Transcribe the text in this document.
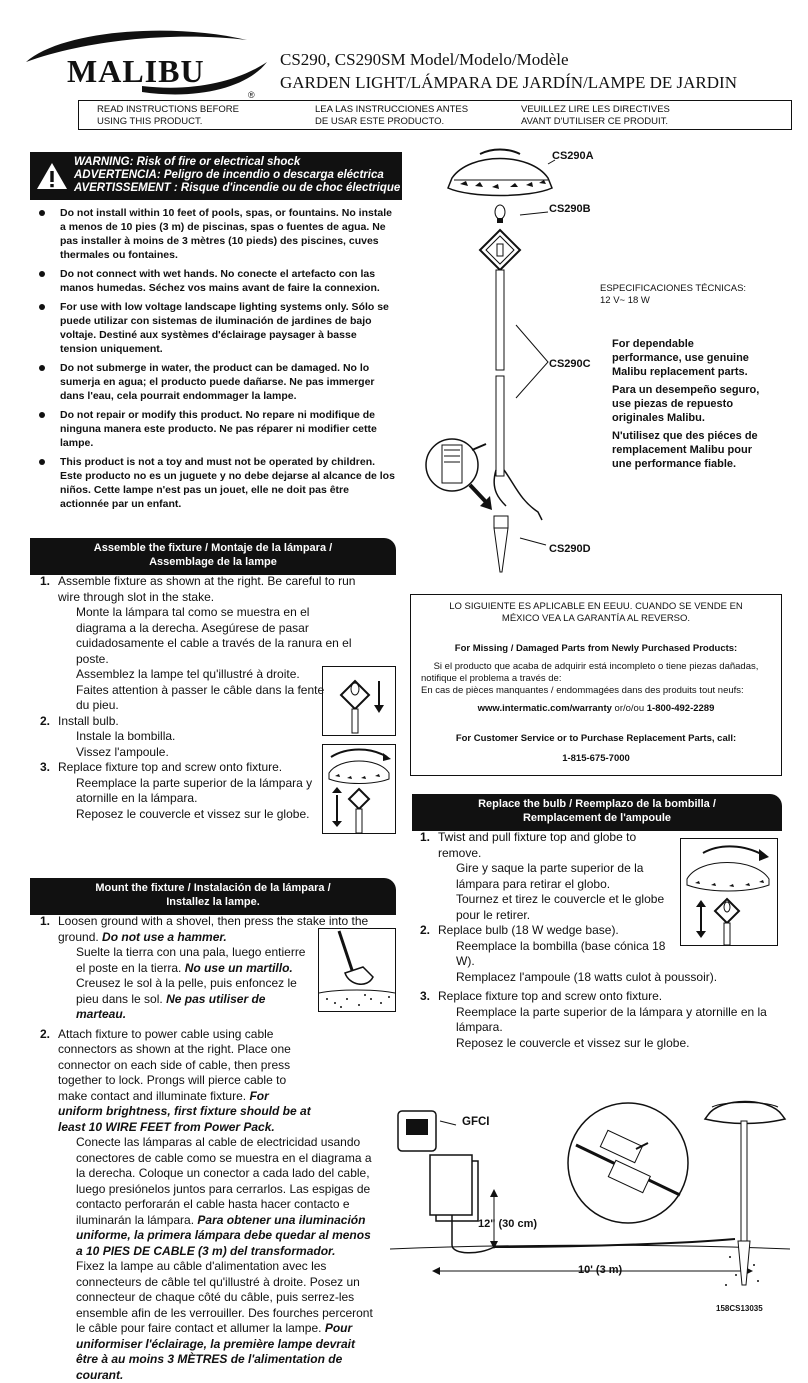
MALIBU
®
CS290, CS290SM Model/Modelo/Modèle
GARDEN LIGHT/LÁMPARA DE JARDÍN/LAMPE DE JARDIN
READ INSTRUCTIONS BEFORE
USING THIS PRODUCT.
LEA LAS INSTRUCCIONES ANTES
DE USAR ESTE PRODUCTO.
VEUILLEZ LIRE LES DIRECTIVES
AVANT D'UTILISER CE PRODUIT.
WARNING: Risk of fire or electrical shock
ADVERTENCIA: Peligro de incendio o descarga eléctrica
AVERTISSEMENT : Risque d'incendie ou de choc électrique
Do not install within 10 feet of pools, spas, or fountains. No instale a menos de 10 pies (3 m) de piscinas, spas o fuentes de agua. Ne pas installer à moins de 3 mètres (10 pieds) des piscines, cuves thermales ou fontaines.
Do not connect with wet hands. No conecte el artefacto con las manos humedas. Séchez vos mains avant de faire la connexion.
For use with low voltage landscape lighting systems only. Sólo se puede utilizar con sistemas de iluminación de jardines de bajo voltaje. Destiné aux systèmes d'éclairage paysager à basse tension uniquement.
Do not submerge in water, the product can be damaged. No lo sumerja en agua; el producto puede dañarse. Ne pas immerger dans l'eau, cela pourrait endommager la lampe.
Do not repair or modify this product. No repare ni modifique de ninguna manera este producto. Ne pas réparer ni modifier cette lampe.
This product is not a toy and must not be operated by children. Este producto no es un juguete y no debe dejarse al alcance de los niños. Cette lampe n'est pas un jouet, elle ne doit pas être actionnée par un enfant.
CS290A
CS290B
CS290C
CS290D
ESPECIFICACIONES TÉCNICAS:
12 V~ 18 W
For dependable performance, use genuine Malibu replacement parts.
Para un desempeño seguro, use piezas de repuesto originales Malibu.
N'utilisez que des piéces de remplacement Malibu pour une performance fiable.
Assemble the fixture / Montaje de la lámpara /
Assemblage de la lampe
1. Assemble fixture as shown at the right. Be careful to run wire through slot in the stake.
Monte la lámpara tal como se muestra en el diagrama a la derecha. Asegúrese de pasar cuidadosamente el cable a través de la ranura en el poste.
Assemblez la lampe tel qu'illustré à droite. Faites attention à passer le câble dans la fente du pieu.
2. Install bulb.
Instale la bombilla.
Vissez l'ampoule.
3. Replace fixture top and screw onto fixture.
Reemplace la parte superior de la lámpara y atornille en la lámpara.
Reposez le couvercle et vissez sur le globe.
LO SIGUIENTE ES APLICABLE EN EEUU. CUANDO SE VENDE EN
MÉXICO VEA LA GARANTÍA AL REVERSO.
For Missing / Damaged Parts from Newly Purchased Products:
Si el producto que acaba de adquirir está incompleto o tiene piezas dañadas,
notifique el problema a través de:
En cas de pièces manquantes / endommagées dans des produits tout neufs:
www.intermatic.com/warranty or/o/ou 1-800-492-2289
For Customer Service or to Purchase Replacement Parts, call:
1-815-675-7000
Replace the bulb / Reemplazo de la bombilla /
Remplacement de l'ampoule
1. Twist and pull fixture top and globe to remove.
Gire y saque la parte superior de la lámpara para retirar el globo.
Tournez et tirez le couvercle et le globe pour le retirer.
2. Replace bulb (18 W wedge base).
Reemplace la bombilla (base cónica 18 W).
Remplacez l'ampoule (18 watts culot à poussoir).
3. Replace fixture top and screw onto fixture.
Reemplace la parte superior de la lámpara y atornille en la lámpara.
Reposez le couvercle et vissez sur le globe.
Mount the fixture / Instalación de la lámpara /
Installez la lampe.
1. Loosen ground with a shovel, then press the stake into the ground. Do not use a hammer.
Suelte la tierra con una pala, luego entierre el poste en la tierra. No use un martillo.
Creusez le sol à la pelle, puis enfoncez le pieu dans le sol. Ne pas utiliser de marteau.
2. Attach fixture to power cable using cable connectors as shown at the right. Place one connector on each side of cable, then press together to lock. Prongs will pierce cable to make contact and illuminate fixture. For uniform brightness, first fixture should be at least 10 WIRE FEET from Power Pack.
Conecte las lámparas al cable de electricidad usando conectores de cable como se muestra en el diagrama a la derecha. Coloque un conector a cada lado del cable, luego presiónelos juntos para cerrarlos. Las espigas de contacto perforarán el cable hasta hacer contacto e iluminarán la lámpara. Para obtener una iluminación uniforme, la primera lámpara debe quedar al menos a 10 PIES DE CABLE (3 m) del transformador.
Fixez la lampe au câble d'alimentation avec les connecteurs de câble tel qu'illustré à droite. Posez un connecteur de chaque côté du câble, puis serrez-les ensemble afin de les verrouiller. Des fourches perceront le câble pour faire contact et allumer la lampe. Pour uniformiser l'éclairage, la première lampe devrait être à au moins 3 MÈTRES de l'alimentation de courant.
GFCI
12" (30 cm)
10' (3 m)
158CS13035
